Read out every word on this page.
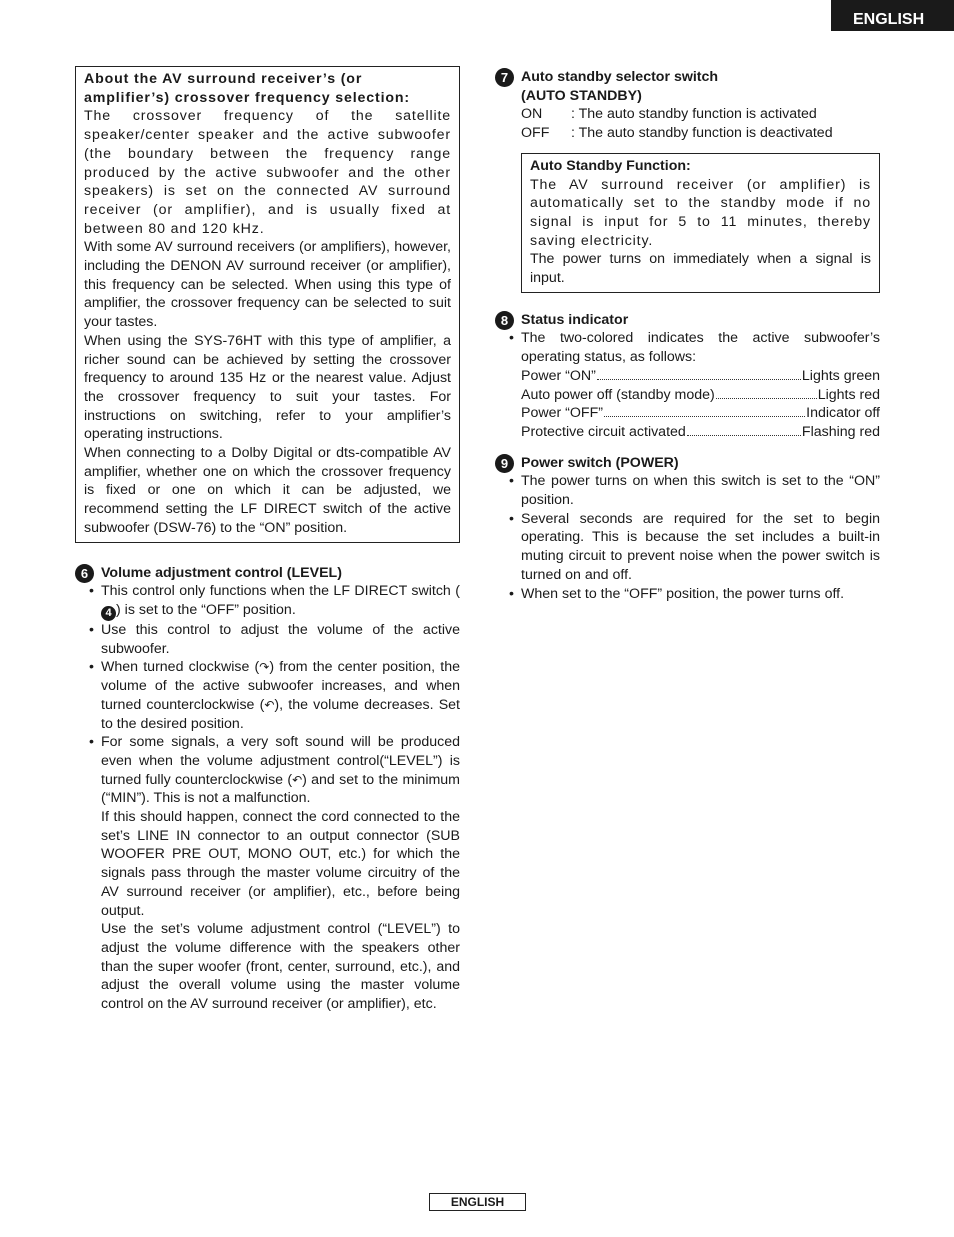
ENGLISH
About the AV surround receiver’s (or amplifier’s) crossover frequency selection:

The crossover frequency of the satellite speaker/center speaker and the active subwoofer (the boundary between the frequency range produced by the active subwoofer and the other speakers) is set on the connected AV surround receiver (or amplifier), and is usually fixed at between 80 and 120 kHz.

With some AV surround receivers (or amplifiers), however, including the DENON AV surround receiver (or amplifier), this frequency can be selected. When using this type of amplifier, the crossover frequency can be selected to suit your tastes.

When using the SYS-76HT with this type of amplifier, a richer sound can be achieved by setting the crossover frequency to around 135 Hz or the nearest value. Adjust the crossover frequency to suit your tastes. For instructions on switching, refer to your amplifier’s operating instructions.

When connecting to a Dolby Digital or dts-compatible AV amplifier, whether one on which the crossover frequency is fixed or one on which it can be adjusted, we recommend setting the LF DIRECT switch of the active subwoofer (DSW-76) to the “ON” position.

6 Volume adjustment control (LEVEL)
• This control only functions when the LF DIRECT switch (4 ) is set to the “OFF” position.
• Use this control to adjust the volume of the active subwoofer.
• When turned clockwise (↷) from the center position, the volume of the active subwoofer increases, and when turned counterclockwise (↶), the volume decreases. Set to the desired position.
• For some signals, a very soft sound will be produced even when the volume adjustment control(“LEVEL”) is turned fully counterclockwise (↶) and set to the minimum (“MIN”). This is not a malfunction.
If this should happen, connect the cord connected to the set’s LINE IN connector to an output connector (SUB WOOFER PRE OUT, MONO OUT, etc.) for which the signals pass through the master volume circuitry of the AV surround receiver (or amplifier), etc., before being output.
Use the set’s volume adjustment control (“LEVEL”) to adjust the volume difference with the speakers other than the super woofer (front, center, surround, etc.), and adjust the overall volume using the master volume control on the AV surround receiver (or amplifier), etc.
7 Auto standby selector switch
(AUTO STANDBY)
ON	: The auto standby function is activated
OFF	: The auto standby function is deactivated
Auto Standby Function:

The AV surround receiver (or amplifier) is automatically set to the standby mode if no signal is input for 5 to 11 minutes, thereby saving electricity.

The power turns on immediately when a signal is input.

8 Status indicator
• The two-colored indicates the active subwoofer’s operating status, as follows:
Power “ON”	Lights green
Auto power off (standby mode)	Lights red
Power “OFF”	Indicator off
Protective circuit activated	Flashing red
9 Power switch (POWER)
• The power turns on when this switch is set to the “ON” position.
• Several seconds are required for the set to begin operating. This is because the set includes a built-in muting circuit to prevent noise when the power switch is turned on and off.
• When set to the “OFF” position, the power turns off.
ENGLISH
